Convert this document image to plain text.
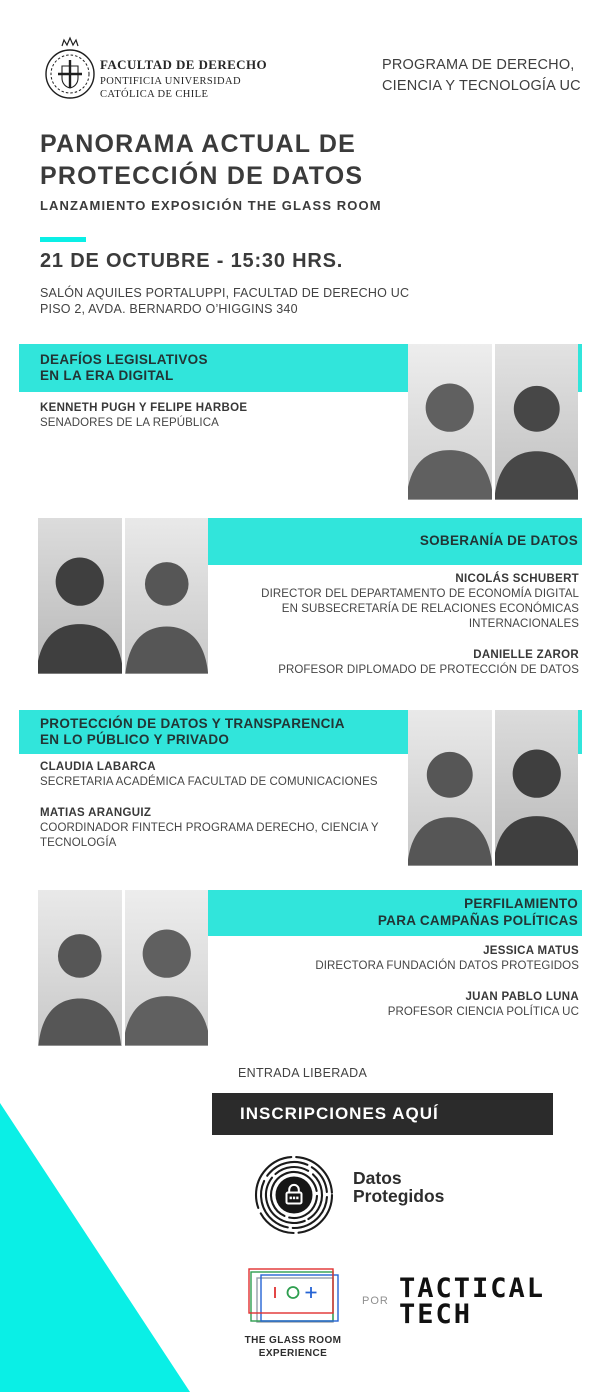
FACULTAD DE DERECHO
PONTIFICIA UNIVERSIDAD
CATÓLICA DE CHILE
PROGRAMA DE DERECHO,
CIENCIA Y TECNOLOGÍA UC
PANORAMA ACTUAL DE
PROTECCIÓN DE DATOS
LANZAMIENTO EXPOSICIÓN THE GLASS ROOM
21 DE OCTUBRE - 15:30 HRS.
SALÓN AQUILES PORTALUPPI, FACULTAD DE DERECHO UC
PISO 2, AVDA. BERNARDO O’HIGGINS 340
DEAFÍOS LEGISLATIVOS
EN LA ERA DIGITAL
KENNETH PUGH Y FELIPE HARBOE
SENADORES DE LA REPÚBLICA
SOBERANÍA DE DATOS
NICOLÁS SCHUBERT
DIRECTOR DEL DEPARTAMENTO DE ECONOMÍA DIGITAL
EN SUBSECRETARÍA DE RELACIONES ECONÓMICAS
INTERNACIONALES
DANIELLE ZAROR
PROFESOR DIPLOMADO DE PROTECCIÓN DE DATOS
PROTECCIÓN DE DATOS Y TRANSPARENCIA
EN LO PÚBLICO Y PRIVADO
CLAUDIA LABARCA
SECRETARIA ACADÉMICA FACULTAD DE COMUNICACIONES
MATIAS ARANGUIZ
COORDINADOR FINTECH PROGRAMA DERECHO, CIENCIA Y
TECNOLOGÍA
PERFILAMIENTO
PARA CAMPAÑAS POLÍTICAS
JESSICA MATUS
DIRECTORA FUNDACIÓN DATOS PROTEGIDOS
JUAN PABLO LUNA
PROFESOR CIENCIA POLÍTICA UC
ENTRADA LIBERADA
INSCRIPCIONES AQUÍ
Datos
Protegidos
THE GLASS ROOM
EXPERIENCE
POR TACTICAL
TECH
